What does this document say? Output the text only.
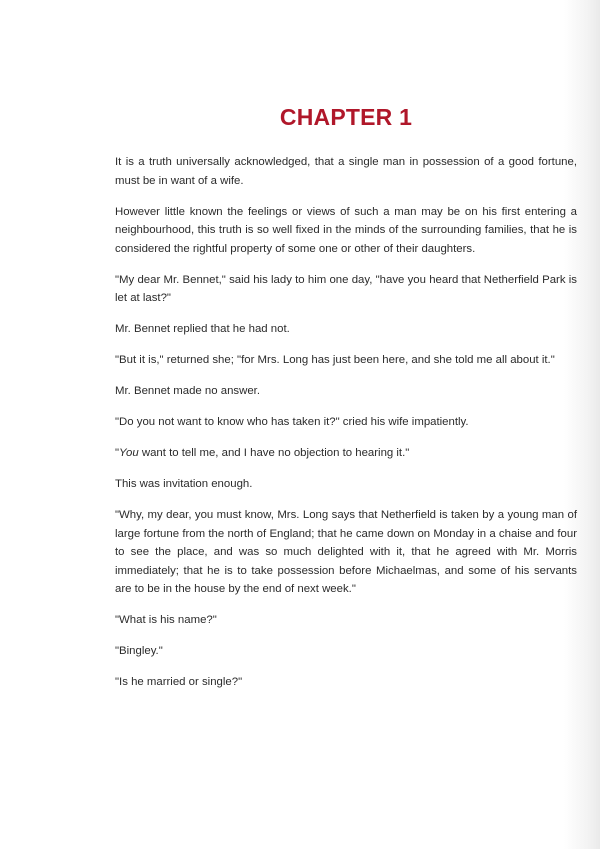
CHAPTER 1

It is a truth universally acknowledged, that a single man in possession of a good fortune, must be in want of a wife.

However little known the feelings or views of such a man may be on his first entering a neighbourhood, this truth is so well fixed in the minds of the surrounding families, that he is considered the rightful property of some one or other of their daughters.

"My dear Mr. Bennet," said his lady to him one day, "have you heard that Netherfield Park is let at last?"

Mr. Bennet replied that he had not.

"But it is," returned she; "for Mrs. Long has just been here, and she told me all about it."

Mr. Bennet made no answer.

"Do you not want to know who has taken it?" cried his wife impatiently.

"You want to tell me, and I have no objection to hearing it."

This was invitation enough.

"Why, my dear, you must know, Mrs. Long says that Netherfield is taken by a young man of large fortune from the north of England; that he came down on Monday in a chaise and four to see the place, and was so much delighted with it, that he agreed with Mr. Morris immediately; that he is to take possession before Michaelmas, and some of his servants are to be in the house by the end of next week."

"What is his name?"

"Bingley."

"Is he married or single?"
